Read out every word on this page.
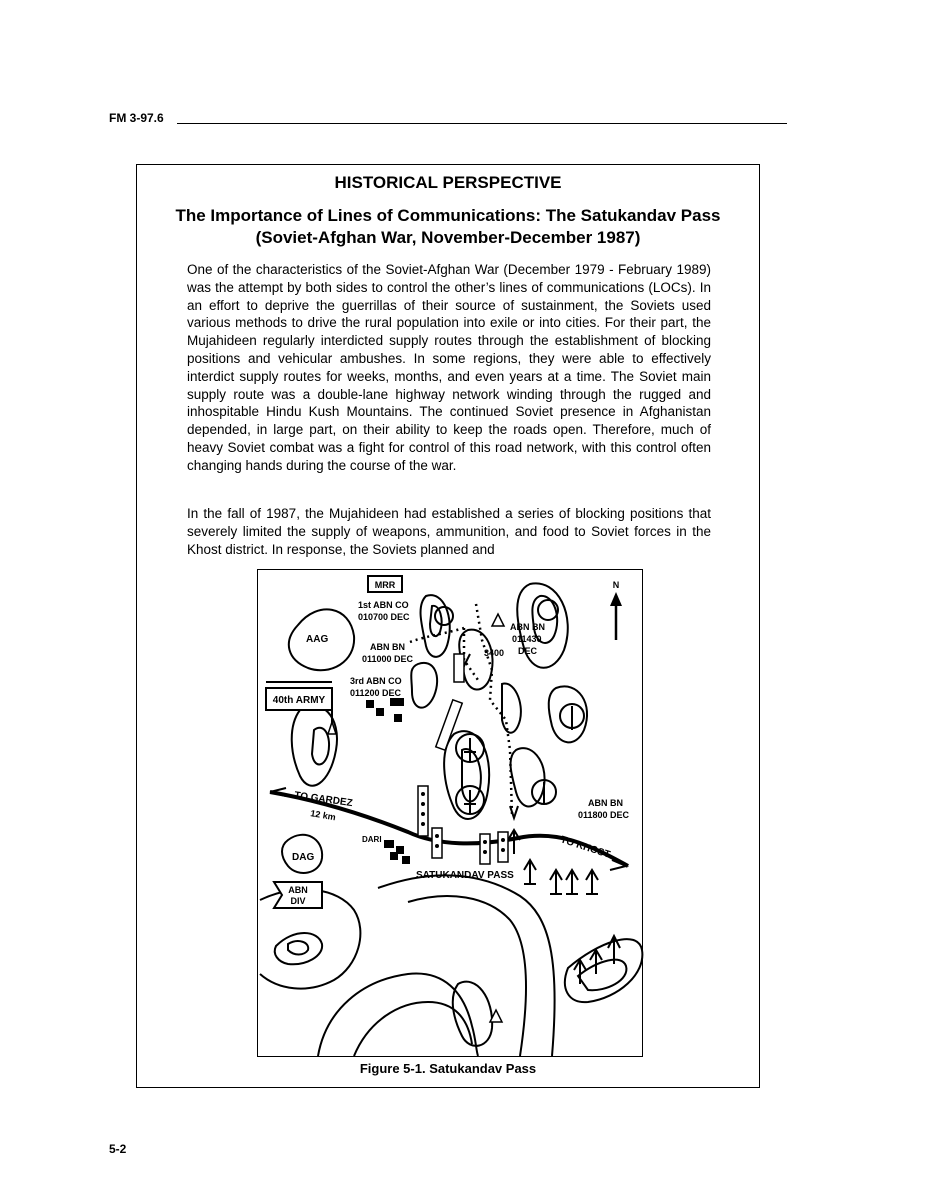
FM 3-97.6
HISTORICAL PERSPECTIVE
The Importance of Lines of Communications: The Satukandav Pass
(Soviet-Afghan War, November-December 1987)

One of the characteristics of the Soviet-Afghan War (December 1979 - February 1989) was the attempt by both sides to control the other’s lines of communications (LOCs). In an effort to deprive the guerrillas of their source of sustainment, the Soviets used various methods to drive the rural population into exile or into cities. For their part, the Mujahideen regularly interdicted supply routes through the establishment of blocking positions and vehicular ambushes. In some regions, they were able to effectively interdict supply routes for weeks, months, and even years at a time. The Soviet main supply route was a double-lane highway network winding through the rugged and inhospitable Hindu Kush Mountains. The continued Soviet presence in Afghanistan depended, in large part, on their ability to keep the roads open. Therefore, much of heavy Soviet combat was a fight for control of this road network, with this control often changing hands during the course of the war.

In the fall of 1987, the Mujahideen had established a series of blocking positions that severely limited the supply of weapons, ammunition, and food to Soviet forces in the Khost district. In response, the Soviets planned and

MRR
1st ABN CO
010700 DEC
AAG
ABN BN
011000 DEC
ABN BN
011430
DEC
3400
3rd ABN CO
011200 DEC
40th ARMY
N
TO GARDEZ
12 km
ABN BN
011800 DEC
DARI	TO KHOST
DAG
SATUKANDAV PASS
ABN
DIV
Figure 5-1. Satukandav Pass
5-2
